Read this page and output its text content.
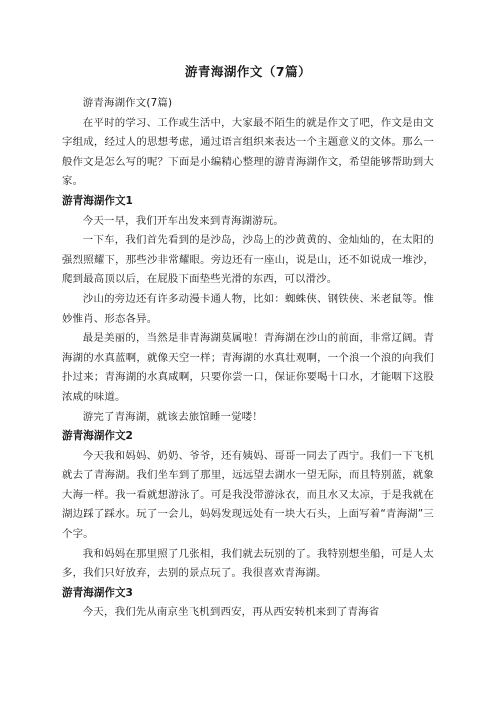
游青海湖作文（7篇）

游青海湖作文(7篇)

在平时的学习、工作或生活中，大家最不陌生的就是作文了吧，作文是由文字组成，经过人的思想考虑，通过语言组织来表达一个主题意义的文体。那么一般作文是怎么写的呢？下面是小编精心整理的游青海湖作文，希望能够帮助到大家。

游青海湖作文1

今天一早，我们开车出发来到青海湖游玩。

一下车，我们首先看到的是沙岛，沙岛上的沙黄黄的、金灿灿的，在太阳的强烈照耀下，那些沙非常耀眼。旁边还有一座山，说是山，还不如说成一堆沙，爬到最高顶以后，在屁股下面垫些光滑的东西，可以滑沙。

沙山的旁边还有许多动漫卡通人物，比如：蜘蛛侠、钢铁侠、米老鼠等。惟妙惟肖、形态各异。

最是美丽的，当然是非青海湖莫属啦！青海湖在沙山的前面，非常辽阔。青海湖的水真蓝啊，就像天空一样；青海湖的水真壮观啊，一个浪一个浪的向我们扑过来；青海湖的水真咸啊，只要你尝一口，保证你要喝十口水，才能咽下这股浓咸的味道。

游完了青海湖，就该去旅馆睡一觉喽！

游青海湖作文2

今天我和妈妈、奶奶、爷爷，还有姨妈、哥哥一同去了西宁。我们一下飞机就去了青海湖。我们坐车到了那里，远远望去湖水一望无际，而且特别蓝，就象大海一样。我一看就想游泳了。可是我没带游泳衣，而且水又太凉，于是我就在湖边踩了踩水。玩了一会儿，妈妈发现远处有一块大石头，上面写着“青海湖”三个字。

我和妈妈在那里照了几张相，我们就去玩别的了。我特别想坐船，可是人太多，我们只好放弃，去别的景点玩了。我很喜欢青海湖。

游青海湖作文3

今天，我们先从南京坐飞机到西安，再从西安转机来到了青海省
